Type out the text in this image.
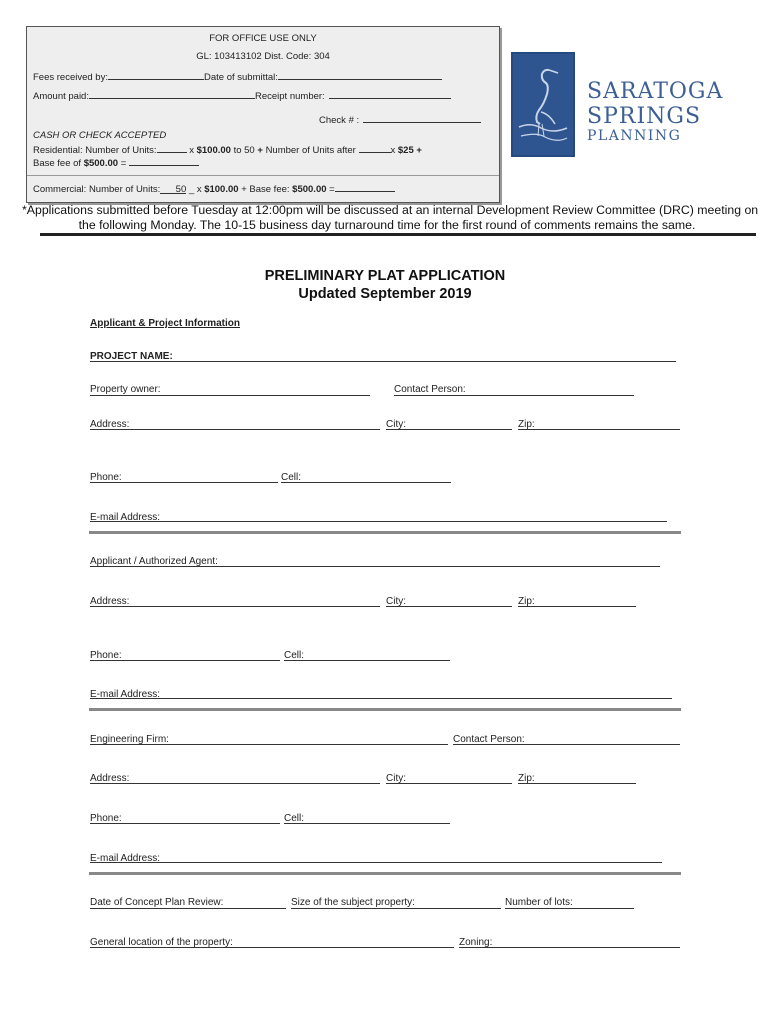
FOR OFFICE USE ONLY
GL: 103413102 Dist. Code: 304
Fees received by:	Date of submittal:
Amount paid:	Receipt number:
Check # :
CASH OR CHECK ACCEPTED
Residential: Number of Units:	x $100.00 to 50 + Number of Units after	x $25 +
Base fee of $500.00 =
Commercial: Number of Units: 50 _ x $100.00 + Base fee: $500.00 =
SARATOGA
SPRINGS
PLANNING
*Applications submitted before Tuesday at 12:00pm will be discussed at an internal Development Review Committee (DRC) meeting on
the following Monday. The 10-15 business day turnaround time for the first round of comments remains the same.
PRELIMINARY PLAT APPLICATION
Updated September 2019
Applicant & Project Information
PROJECT NAME:
Property owner:	Contact Person:
Address:	City:	Zip:
Phone:	Cell:
E-mail Address:
Applicant / Authorized Agent:
Address:	City:	Zip:
Phone:	Cell:
E-mail Address:
Engineering Firm:	Contact Person:
Address:	City:	Zip:
Phone:	Cell:
E-mail Address:
Date of Concept Plan Review:	Size of the subject property:	Number of lots:
General location of the property:	Zoning:
